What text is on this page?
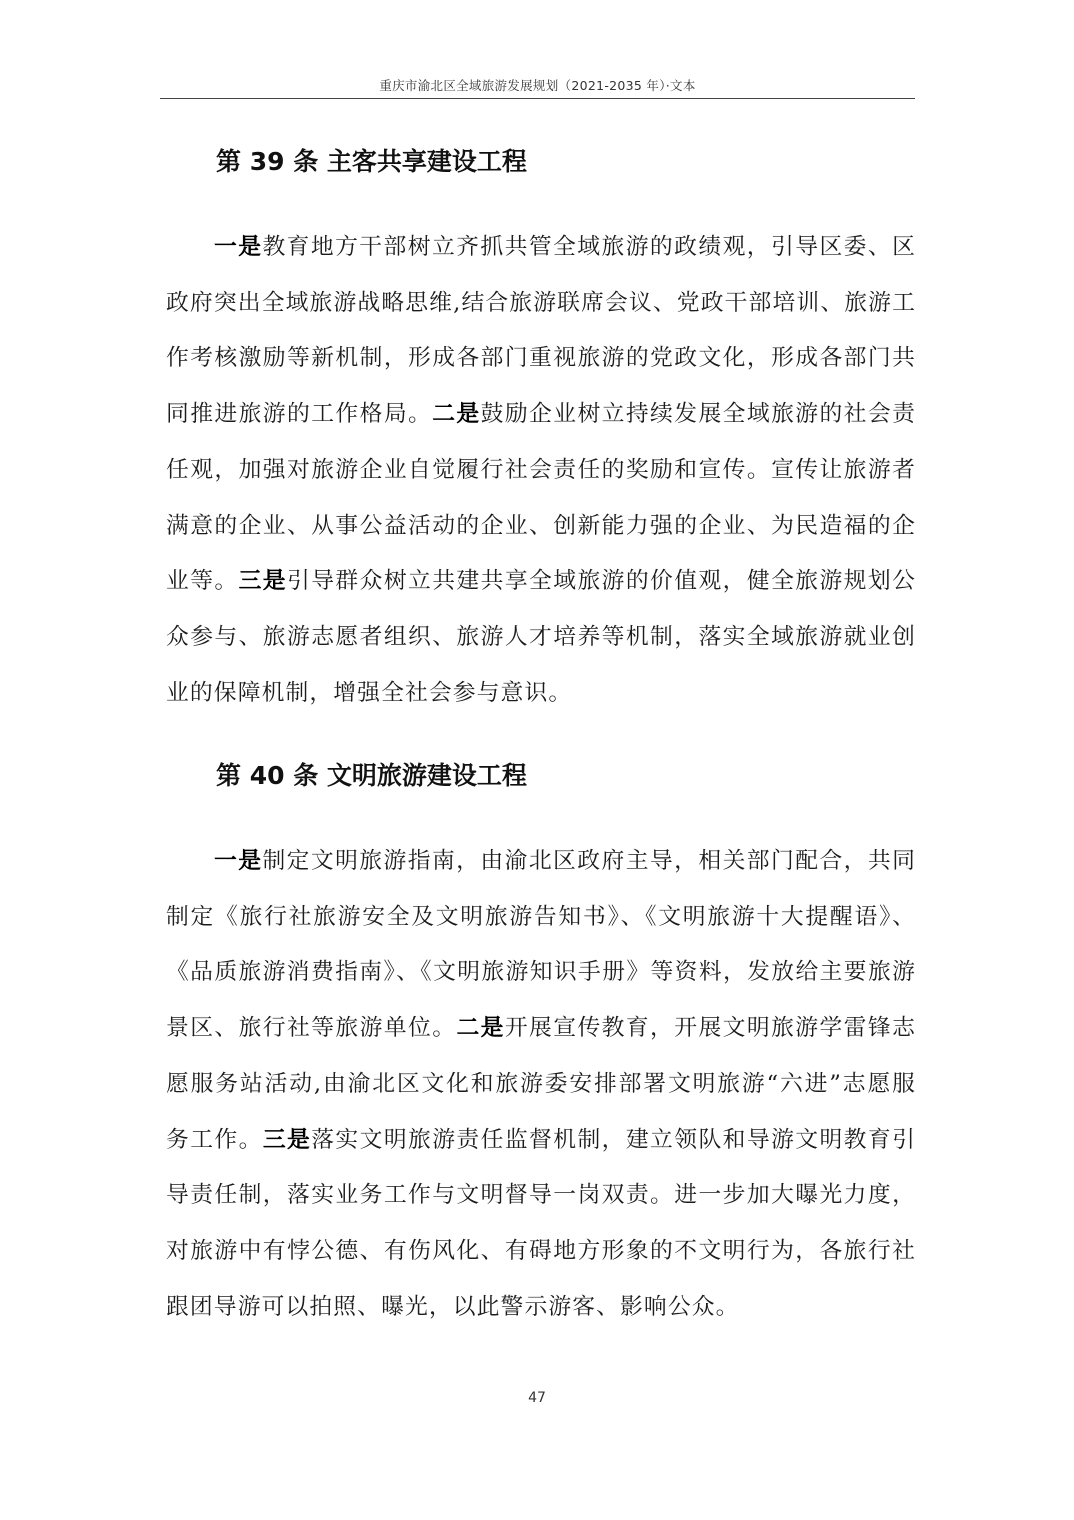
重庆市渝北区全域旅游发展规划（2021-2035 年）·文本
第 39 条 主客共享建设工程

一是教育地方干部树立齐抓共管全域旅游的政绩观，引导区委、区政府突出全域旅游战略思维,结合旅游联席会议、党政干部培训、旅游工作考核激励等新机制，形成各部门重视旅游的党政文化，形成各部门共同推进旅游的工作格局。二是鼓励企业树立持续发展全域旅游的社会责任观，加强对旅游企业自觉履行社会责任的奖励和宣传。宣传让旅游者满意的企业、从事公益活动的企业、创新能力强的企业、为民造福的企业等。三是引导群众树立共建共享全域旅游的价值观，健全旅游规划公众参与、旅游志愿者组织、旅游人才培养等机制，落实全域旅游就业创业的保障机制，增强全社会参与意识。

第 40 条 文明旅游建设工程

一是制定文明旅游指南，由渝北区政府主导，相关部门配合，共同制定《旅行社旅游安全及文明旅游告知书》、《文明旅游十大提醒语》、《品质旅游消费指南》、《文明旅游知识手册》等资料，发放给主要旅游景区、旅行社等旅游单位。二是开展宣传教育，开展文明旅游学雷锋志愿服务站活动,由渝北区文化和旅游委安排部署文明旅游“六进”志愿服务工作。三是落实文明旅游责任监督机制，建立领队和导游文明教育引导责任制，落实业务工作与文明督导一岗双责。进一步加大曝光力度，对旅游中有悖公德、有伤风化、有碍地方形象的不文明行为，各旅行社跟团导游可以拍照、曝光，以此警示游客、影响公众。

47
